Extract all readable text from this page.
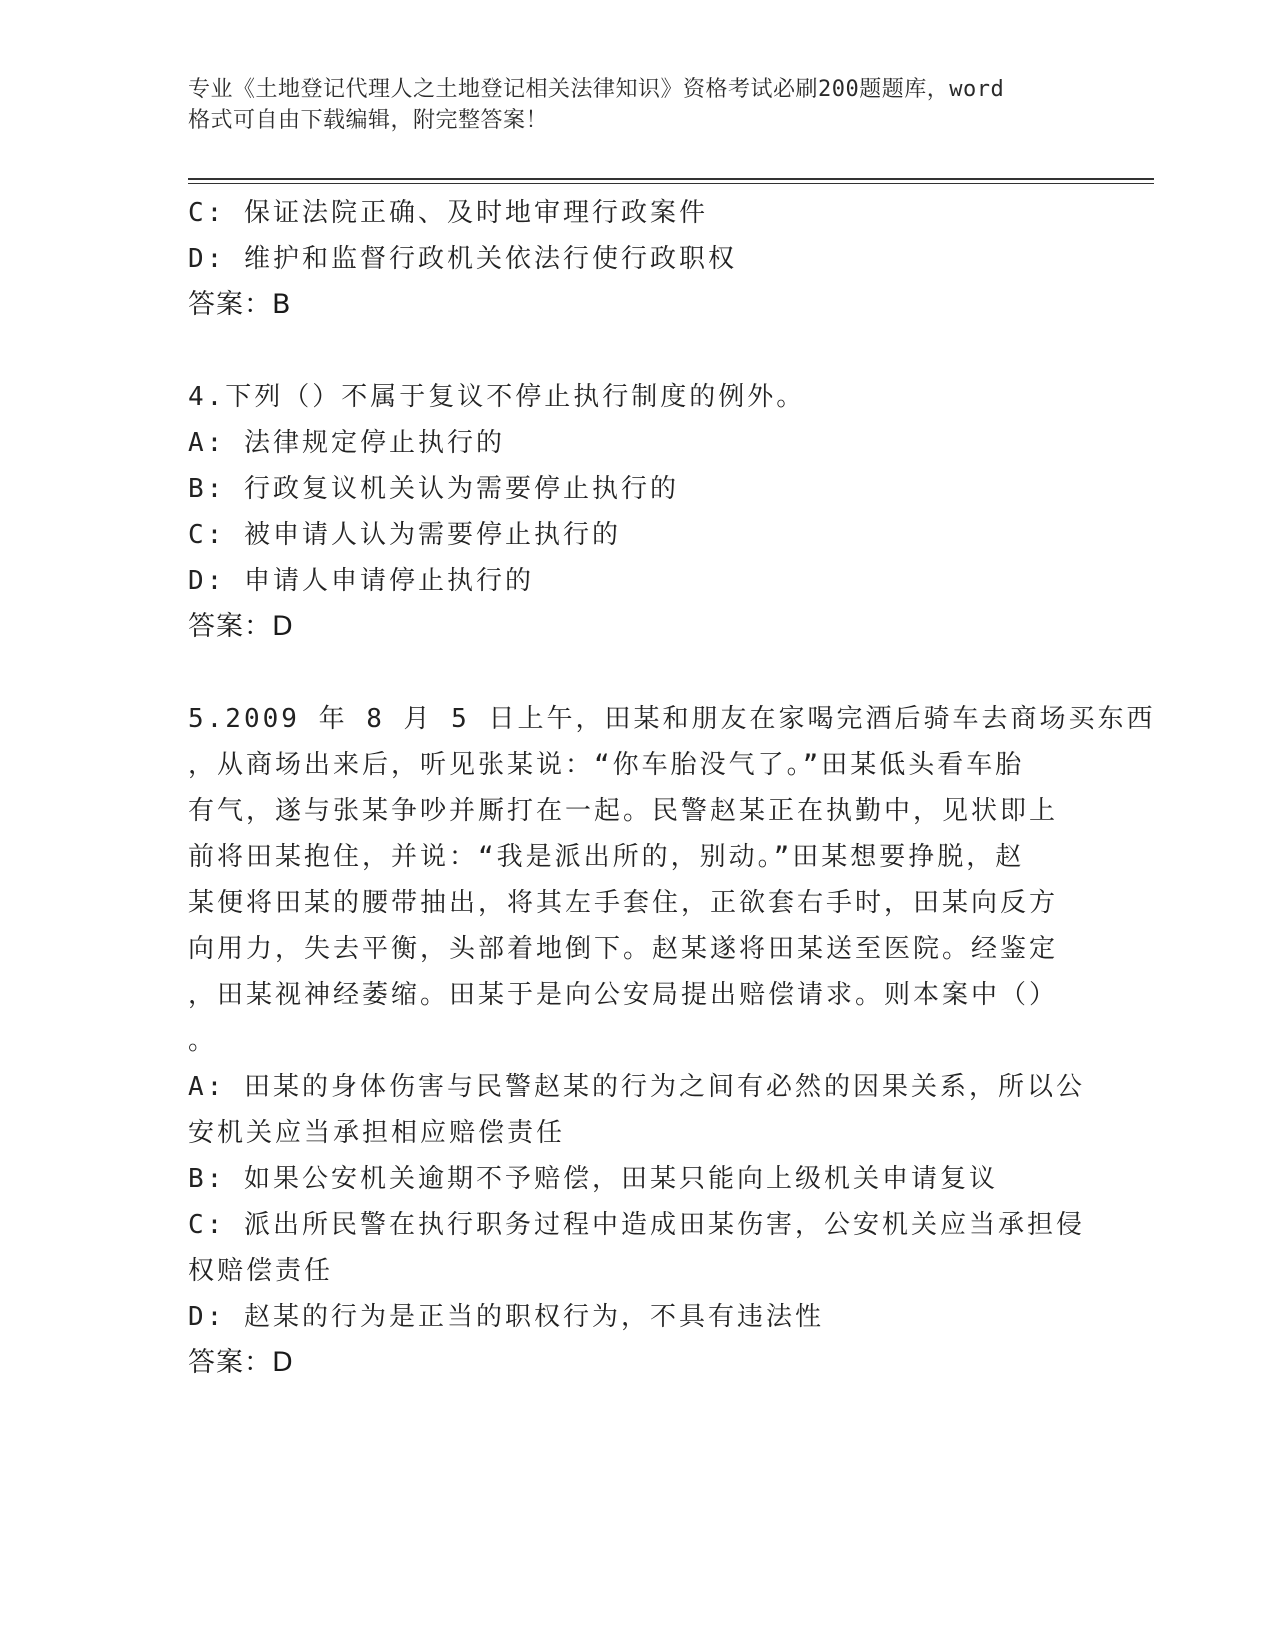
专业《土地登记代理人之土地登记相关法律知识》资格考试必刷200题题库，word
格式可自由下载编辑，附完整答案！

C: 保证法院正确、及时地审理行政案件

D: 维护和监督行政机关依法行使行政职权

答案：B

4.下列（）不属于复议不停止执行制度的例外。

A: 法律规定停止执行的

B: 行政复议机关认为需要停止执行的

C: 被申请人认为需要停止执行的

D: 申请人申请停止执行的

答案：D

5.2009 年 8 月 5 日上午，田某和朋友在家喝完酒后骑车去商场买东西

，从商场出来后，听见张某说：“你车胎没气了。”田某低头看车胎

有气，遂与张某争吵并厮打在一起。民警赵某正在执勤中，见状即上

前将田某抱住，并说：“我是派出所的，别动。”田某想要挣脱，赵

某便将田某的腰带抽出，将其左手套住，正欲套右手时，田某向反方

向用力，失去平衡，头部着地倒下。赵某遂将田某送至医院。经鉴定

，田某视神经萎缩。田某于是向公安局提出赔偿请求。则本案中（）

。

A: 田某的身体伤害与民警赵某的行为之间有必然的因果关系，所以公

安机关应当承担相应赔偿责任

B: 如果公安机关逾期不予赔偿，田某只能向上级机关申请复议

C: 派出所民警在执行职务过程中造成田某伤害，公安机关应当承担侵

权赔偿责任

D: 赵某的行为是正当的职权行为，不具有违法性

答案：D
